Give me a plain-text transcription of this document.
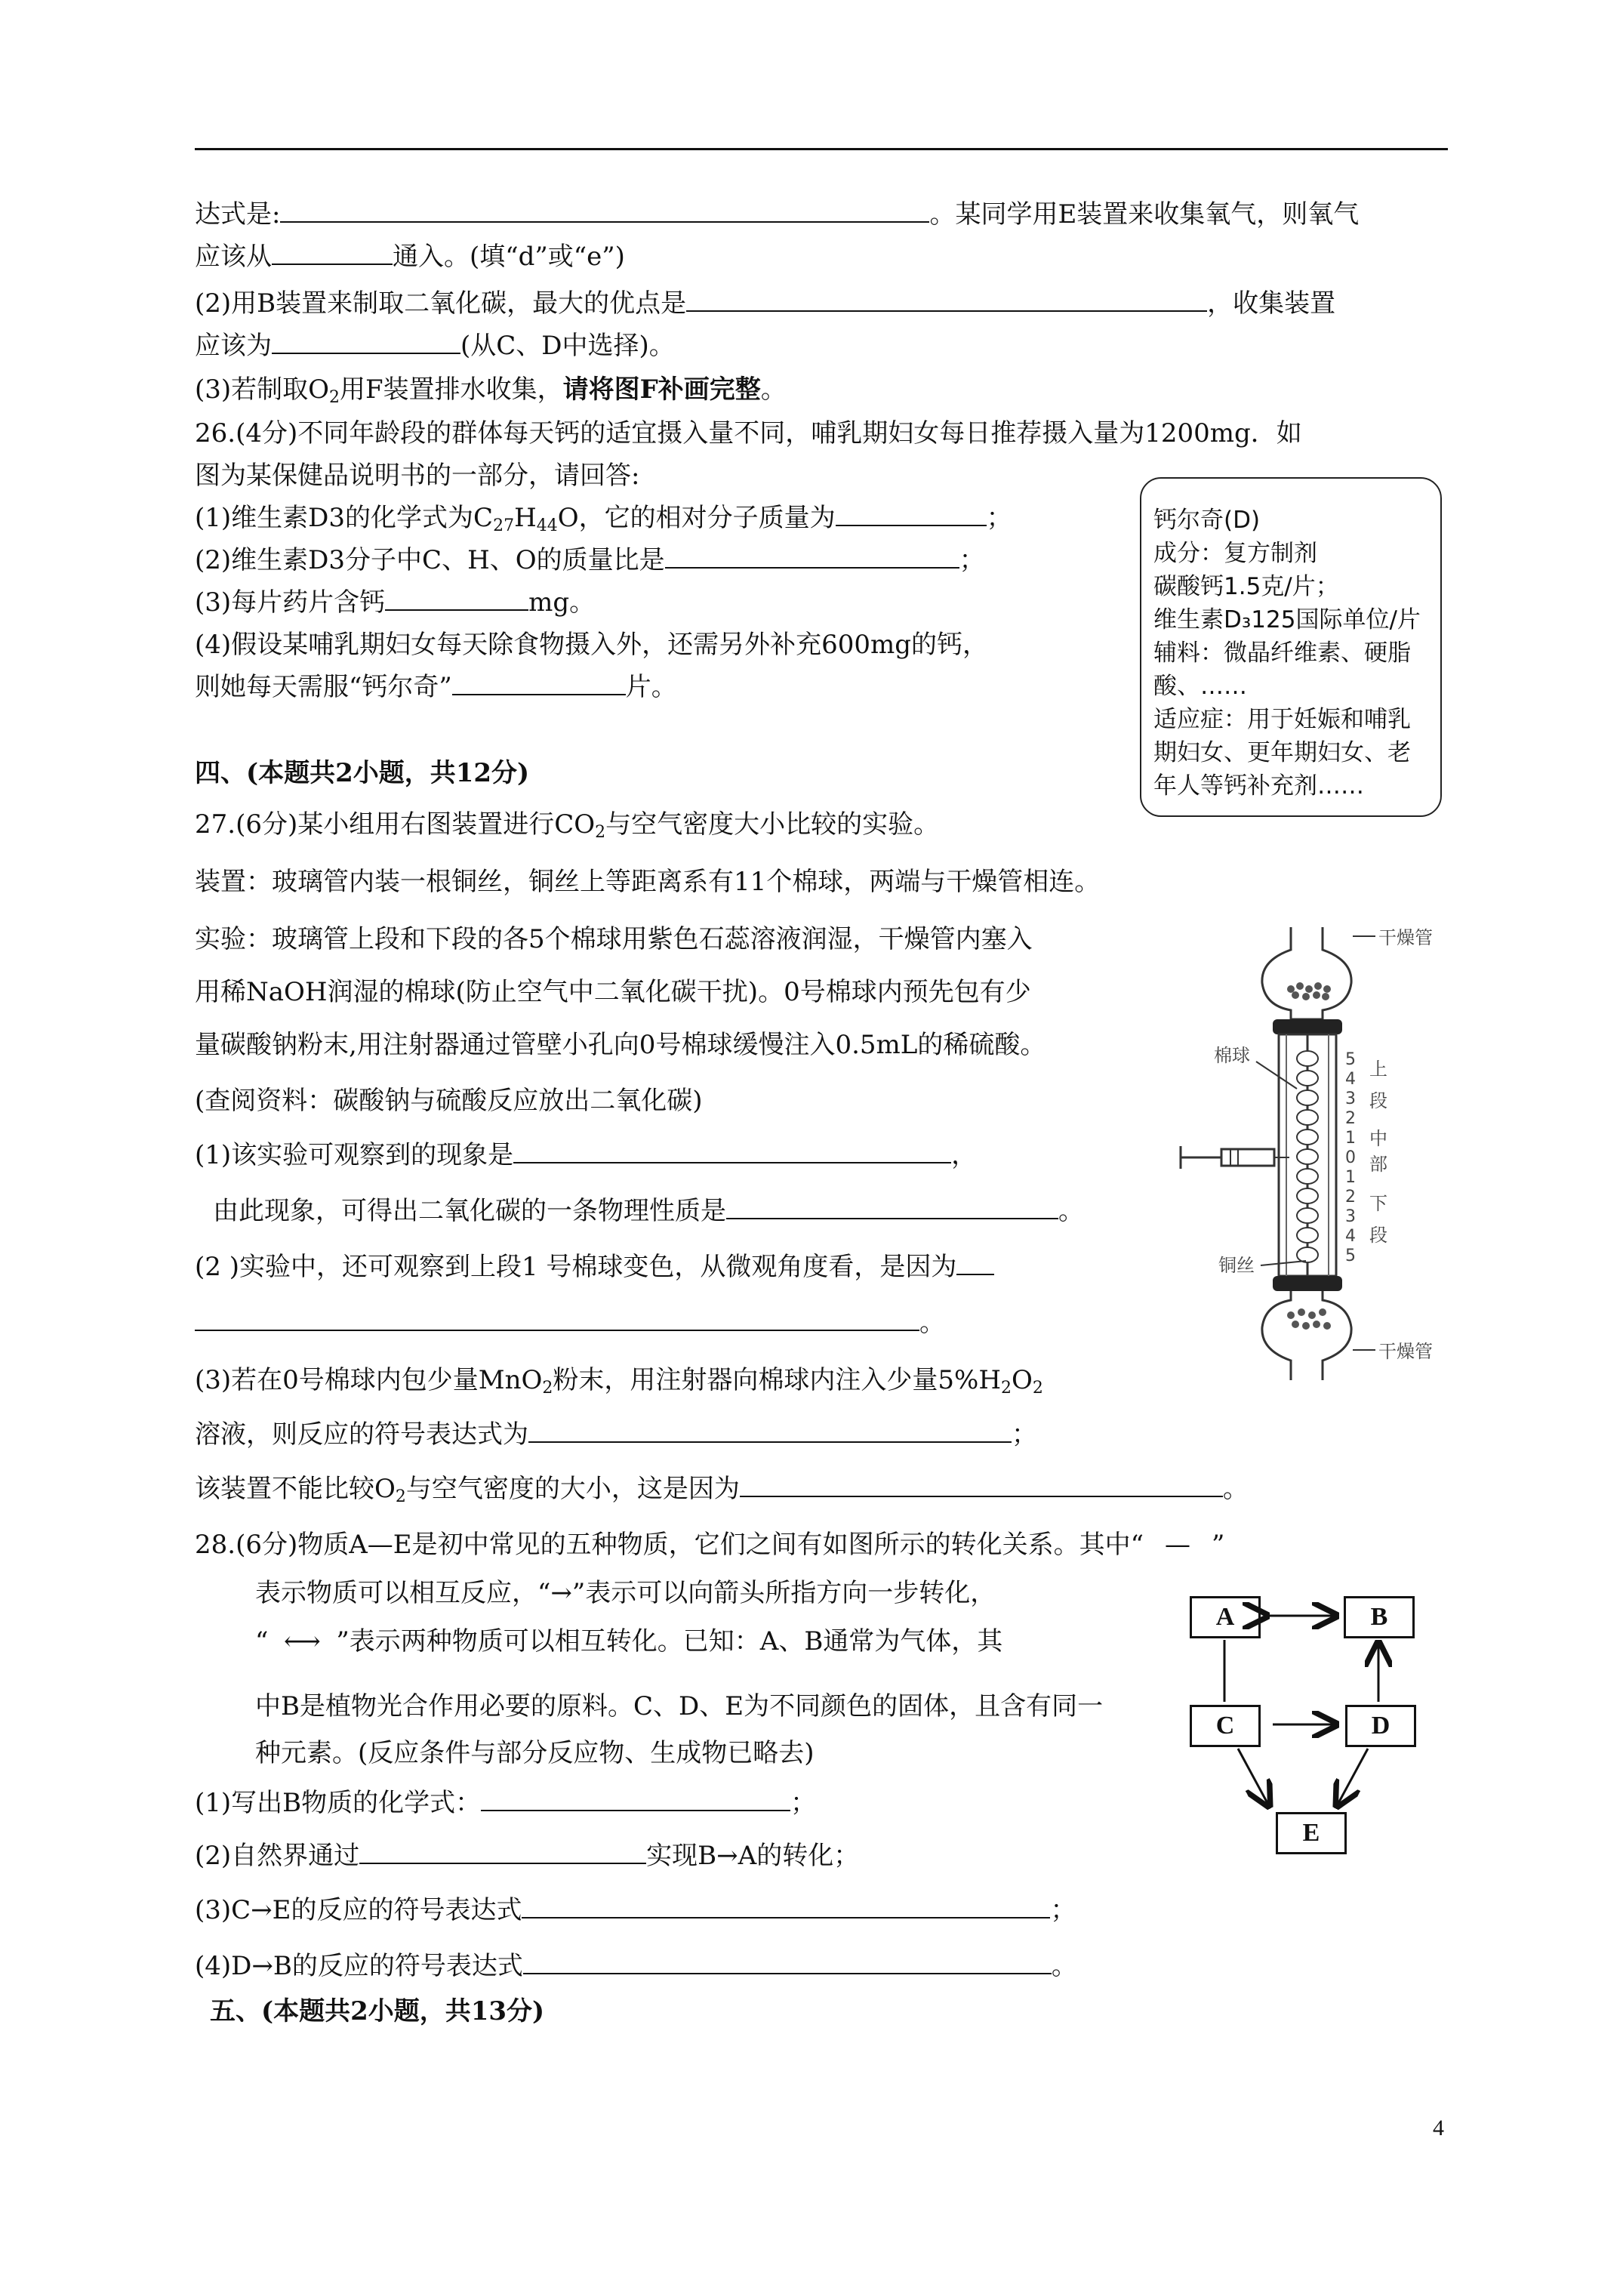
达式是:	。某同学用E装置来收集氧气，则氧气
应该从	通入。(填“d”或“e”)
(2)用B装置来制取二氧化碳，最大的优点是	，收集装置
应该为	(从C、D中选择)。
(3)若制取$O_2$用F装置排水收集，请将图F补画完整。
26.(4分)不同年龄段的群体每天钙的适宜摄入量不同，哺乳期妇女每日推荐摄入量为1200mg．如
图为某保健品说明书的一部分，请回答:
(1)维生素D3的化学式为$C_{27}H_{44}O$，它的相对分子质量为	；
(2)维生素D3分子中C、H、O的质量比是	；
(3)每片药片含钙	mg。
(4)假设某哺乳期妇女每天除食物摄入外，还需另外补充600mg的钙，
则她每天需服“钙尔奇”	片。
钙尔奇(D)
成分：复方制剂
碳酸钙1.5克/片；
维生素D₃125国际单位/片
辅料：微晶纤维素、硬脂
酸、……
适应症：用于妊娠和哺乳
期妇女、更年期妇女、老
年人等钙补充剂……
四、(本题共2小题，共12分)
27.(6分)某小组用右图装置进行$CO_2$与空气密度大小比较的实验。
装置：玻璃管内装一根铜丝，铜丝上等距离系有11个棉球，两端与干燥管相连。
实验：玻璃管上段和下段的各5个棉球用紫色石蕊溶液润湿，干燥管内塞入
用稀NaOH润湿的棉球(防止空气中二氧化碳干扰)。0号棉球内预先包有少
量碳酸钠粉末,用注射器通过管壁小孔向0号棉球缓慢注入0.5mL的稀硫酸。
(查阅资料：碳酸钠与硫酸反应放出二氧化碳)
(1)该实验可观察到的现象是	，
由此现象，可得出二氧化碳的一条物理性质是	。
(2 )实验中，还可观察到上段1 号棉球变色，从微观角度看，是因为
。
(3)若在0号棉球内包少量MnO$_2$粉末，用注射器向棉球内注入少量$5\%H_2O_2$
溶液，则反应的符号表达式为	；
该装置不能比较$O_2$与空气密度的大小，这是因为	。
干燥管
干燥管
棉球
铜丝
5
4
3
2
1
0
1
2
3
4
5
上
段
中
部
下
段
28.(6分)物质A—E是初中常见的五种物质，它们之间有如图所示的转化关系。其中“ — ”
表示物质可以相互反应，“→”表示可以向箭头所指方向一步转化，
“ ⟷ ”表示两种物质可以相互转化。已知：A、B通常为气体，其
中B是植物光合作用必要的原料。C、D、E为不同颜色的固体，且含有同一
种元素。(反应条件与部分反应物、生成物已略去)
(1)写出B物质的化学式：	；
(2)自然界通过	实现B→A的转化；
(3)C→E的反应的符号表达式	；
(4)D→B的反应的符号表达式	。
A	B
C	D
E
五、(本题共2小题，共13分)
4
